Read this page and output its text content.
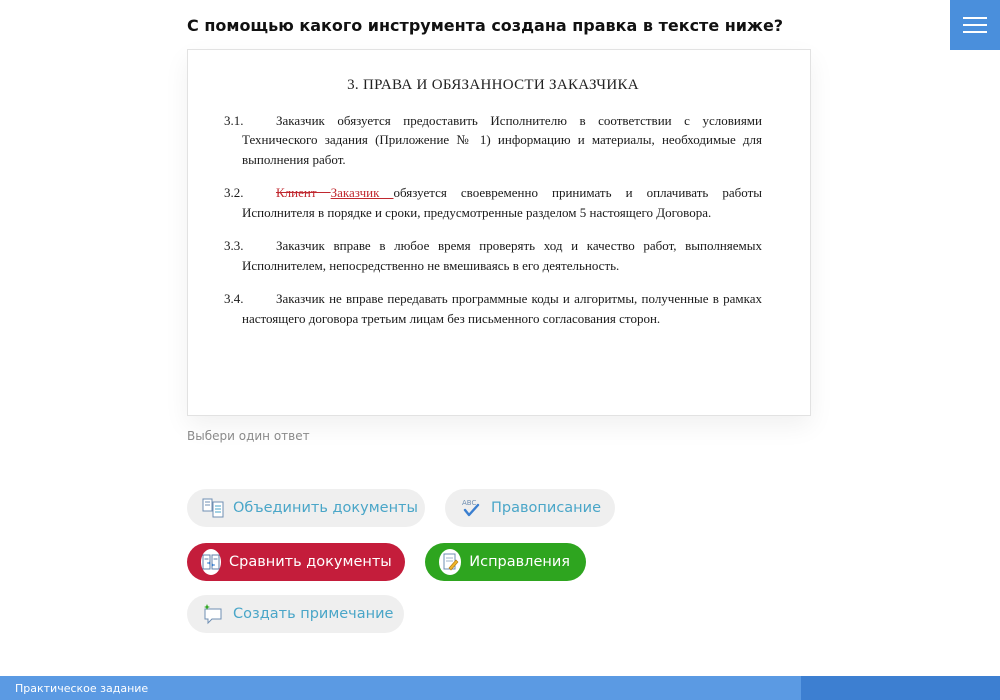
С помощью какого инструмента создана правка в тексте ниже?
3. ПРАВА И ОБЯЗАННОСТИ ЗАКАЗЧИКА
3.1.	Заказчик обязуется предоставить Исполнителю в соответствии с условиями Технического задания (Приложение № 1) информацию и материалы, необходимые для выполнения работ.
3.2.	Клиент Заказчик обязуется своевременно принимать и оплачивать работы Исполнителя в порядке и сроки, предусмотренные разделом 5 настоящего Договора.
3.3.	Заказчик вправе в любое время проверять ход и качество работ, выполняемых Исполнителем, непосредственно не вмешиваясь в его деятельность.
3.4.	Заказчик не вправе передавать программные коды и алгоритмы, полученные в рамках настоящего договора третьим лицам без письменного согласования сторон.
Выбери один ответ
Объединить документы	ABC Правописание
Сравнить документы	Исправления
Создать примечание
Практическое задание
